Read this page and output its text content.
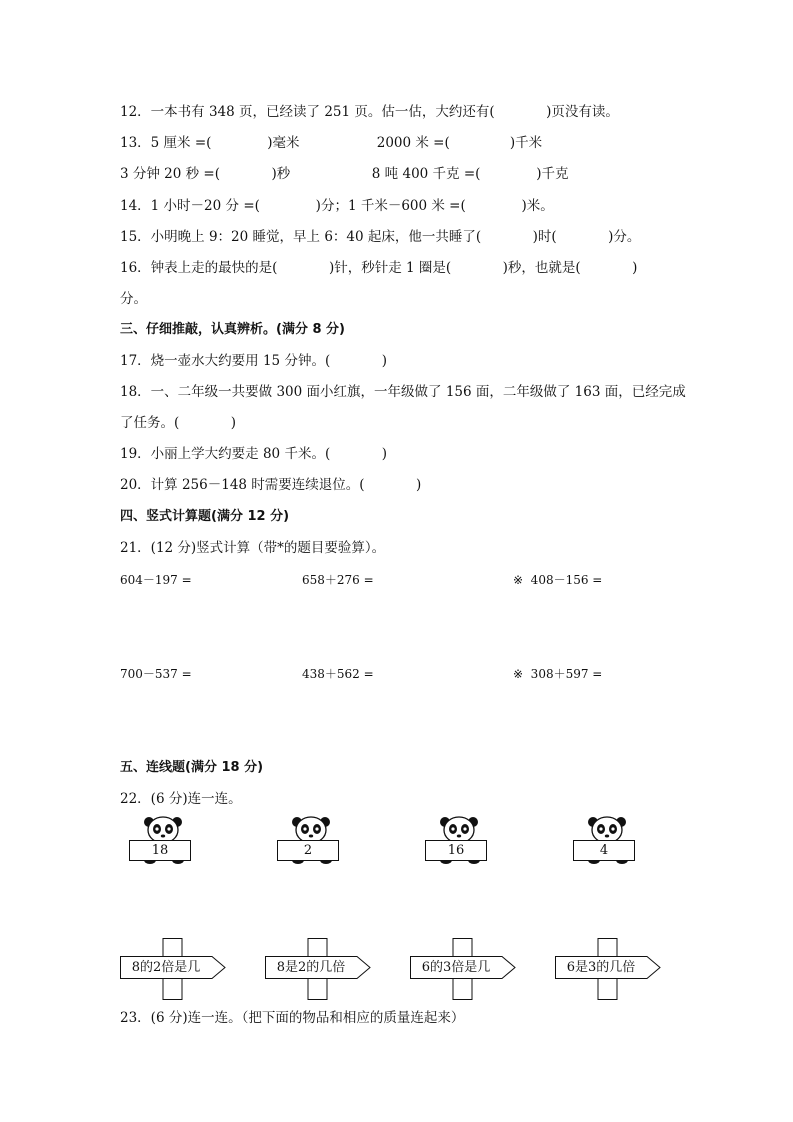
12．一本书有 348 页，已经读了 251 页。估一估，大约还有(            )页没有读。
13．5 厘米 =(             )毫米                  2000 米 =(              )千米
3 分钟 20 秒 =(            )秒                   8 吨 400 千克 =(             )千克
14．1 小时－20 分 =(             )分；1 千米－600 米 =(             )米。
15．小明晚上 9：20 睡觉，早上 6：40 起床，他一共睡了(            )时(            )分。
16．钟表上走的最快的是(            )针，秒针走 1 圈是(            )秒，也就是(            )
分。
三、仔细推敲，认真辨析。(满分 8 分)
17．烧一壶水大约要用 15 分钟。(            )
18．一、二年级一共要做 300 面小红旗，一年级做了 156 面，二年级做了 163 面，已经完成
了任务。(            )
19．小丽上学大约要走 80 千米。(            )
20．计算 256－148 时需要连续退位。(            )
四、竖式计算题(满分 12 分)
21．(12 分)竖式计算（带*的题目要验算）。
604－197 =	658＋276 =	※  408－156 =
700－537 =	438＋562 =	※  308＋597 =
五、连线题(满分 18 分)
22．(6 分)连一连。
18	2	16	4
8的2倍是几	8是2的几倍	6的3倍是几	6是3的几倍
23．(6 分)连一连。（把下面的物品和相应的质量连起来）
